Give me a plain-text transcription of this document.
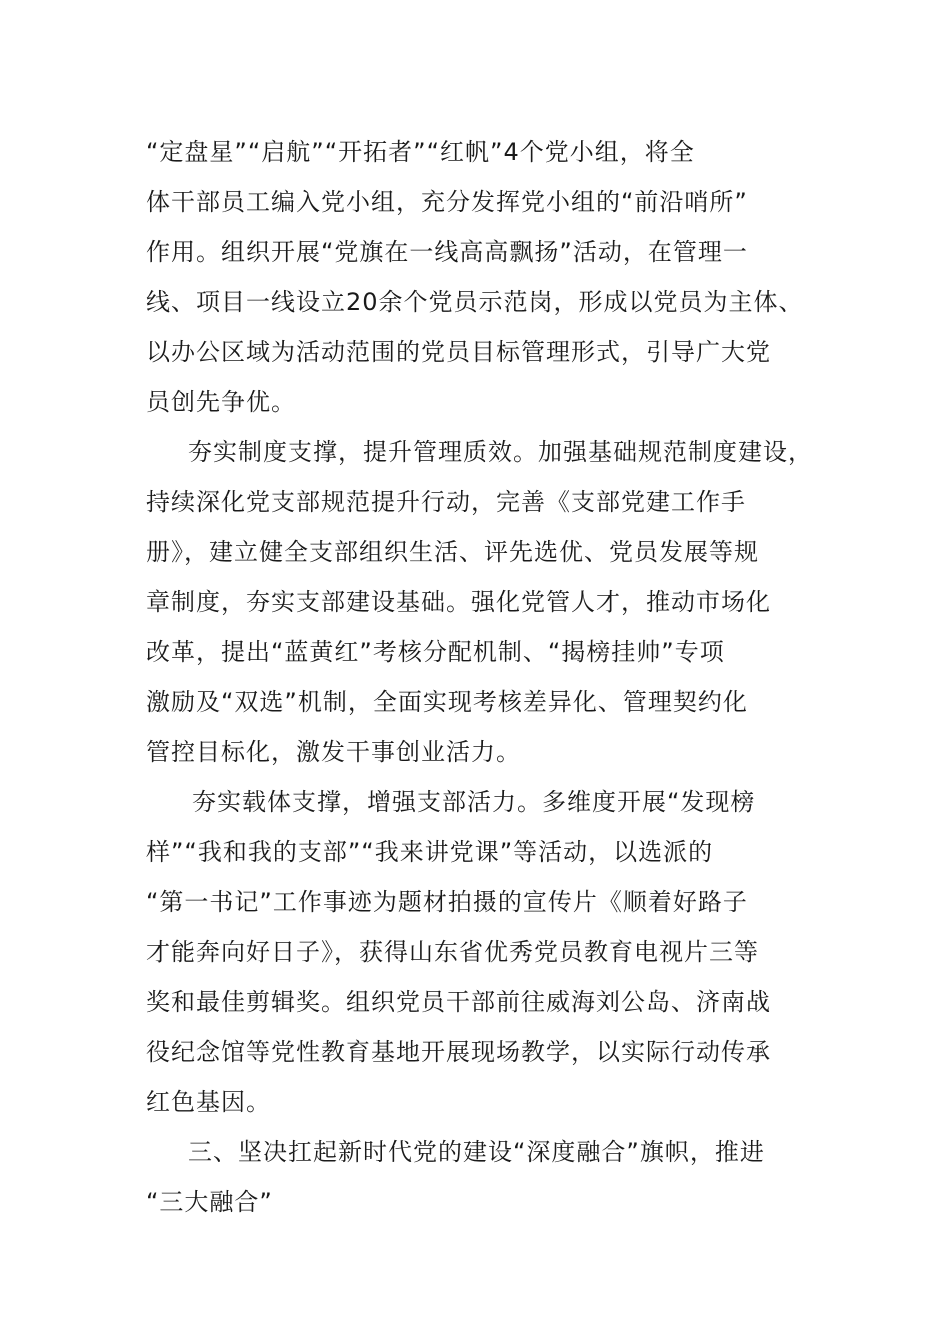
“定盘星”“启航”“开拓者”“红帆”4个党小组，将全
体干部员工编入党小组，充分发挥党小组的“前沿哨所”
作用。组织开展“党旗在一线高高飘扬”活动，在管理一
线、项目一线设立20余个党员示范岗，形成以党员为主体、
以办公区域为活动范围的党员目标管理形式，引导广大党
员创先争优。
夯实制度支撑，提升管理质效。加强基础规范制度建设，
持续深化党支部规范提升行动，完善《支部党建工作手
册》，建立健全支部组织生活、评先选优、党员发展等规
章制度，夯实支部建设基础。强化党管人才，推动市场化
改革，提出“蓝黄红”考核分配机制、“揭榜挂帅”专项
激励及“双选”机制，全面实现考核差异化、管理契约化
管控目标化，激发干事创业活力。
夯实载体支撑，增强支部活力。多维度开展“发现榜
样”“我和我的支部”“我来讲党课”等活动，以选派的
“第一书记”工作事迹为题材拍摄的宣传片《顺着好路子
才能奔向好日子》，获得山东省优秀党员教育电视片三等
奖和最佳剪辑奖。组织党员干部前往威海刘公岛、济南战
役纪念馆等党性教育基地开展现场教学，以实际行动传承
红色基因。
三、坚决扛起新时代党的建设“深度融合”旗帜，推进
“三大融合”
